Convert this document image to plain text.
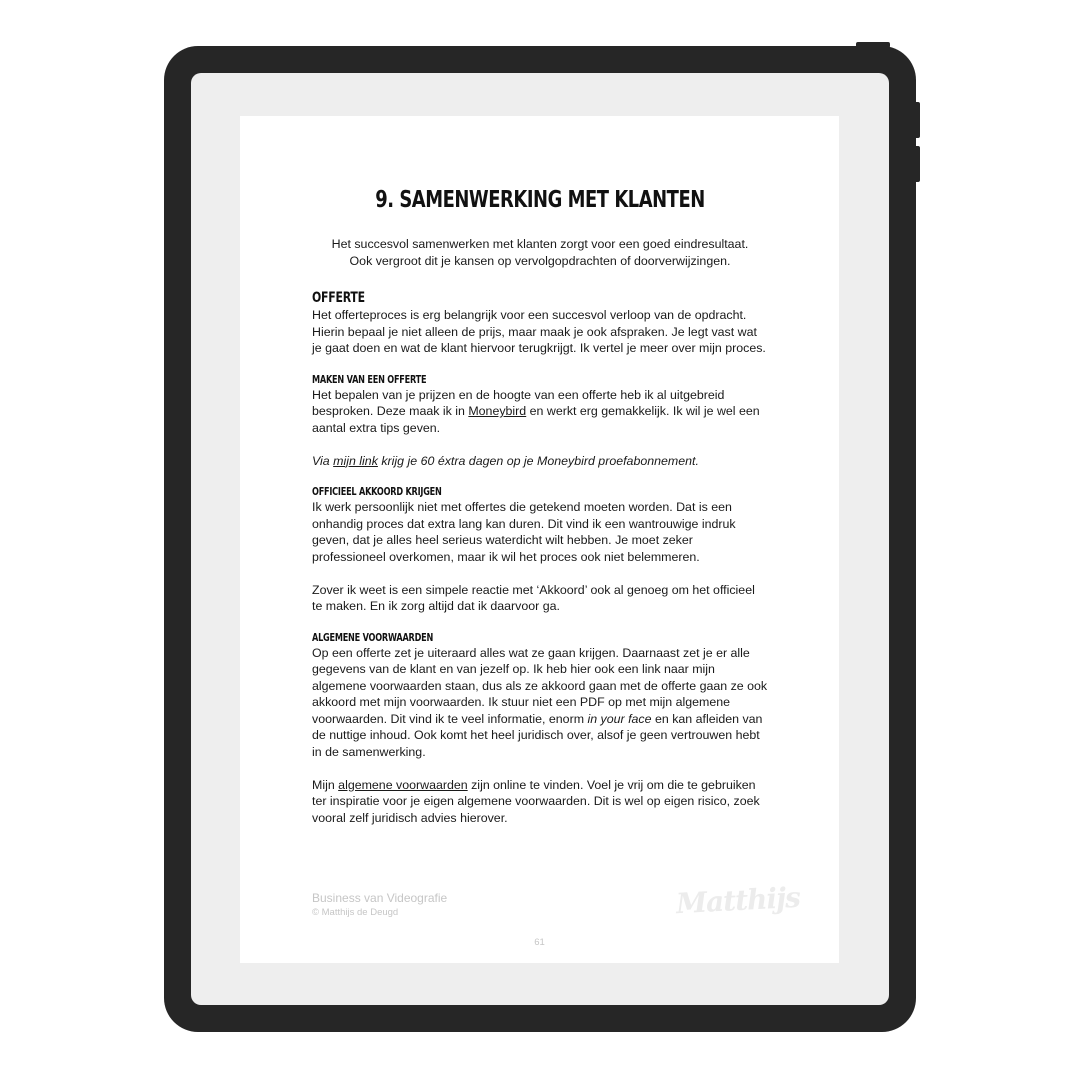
9. SAMENWERKING MET KLANTEN
Het succesvol samenwerken met klanten zorgt voor een goed eindresultaat.
Ook vergroot dit je kansen op vervolgopdrachten of doorverwijzingen.
OFFERTE

Het offerteproces is erg belangrijk voor een succesvol verloop van de opdracht. Hierin bepaal je niet alleen de prijs, maar maak je ook afspraken. Je legt vast wat je gaat doen en wat de klant hiervoor terugkrijgt. Ik vertel je meer over mijn proces.

MAKEN VAN EEN OFFERTE

Het bepalen van je prijzen en de hoogte van een offerte heb ik al uitgebreid besproken. Deze maak ik in Moneybird en werkt erg gemakkelijk. Ik wil je wel een aantal extra tips geven.

Via mijn link krijg je 60 éxtra dagen op je Moneybird proefabonnement.

OFFICIEEL AKKOORD KRIJGEN

Ik werk persoonlijk niet met offertes die getekend moeten worden. Dat is een onhandig proces dat extra lang kan duren. Dit vind ik een wantrouwige indruk geven, dat je alles heel serieus waterdicht wilt hebben. Je moet zeker professioneel overkomen, maar ik wil het proces ook niet belemmeren.

Zover ik weet is een simpele reactie met ‘Akkoord’ ook al genoeg om het officieel te maken. En ik zorg altijd dat ik daarvoor ga.

ALGEMENE VOORWAARDEN

Op een offerte zet je uiteraard alles wat ze gaan krijgen. Daarnaast zet je er alle gegevens van de klant en van jezelf op. Ik heb hier ook een link naar mijn algemene voorwaarden staan, dus als ze akkoord gaan met de offerte gaan ze ook akkoord met mijn voorwaarden. Ik stuur niet een PDF op met mijn algemene voorwaarden. Dit vind ik te veel informatie, enorm in your face en kan afleiden van de nuttige inhoud. Ook komt het heel juridisch over, alsof je geen vertrouwen hebt in de samenwerking.

Mijn algemene voorwaarden zijn online te vinden. Voel je vrij om die te gebruiken ter inspiratie voor je eigen algemene voorwaarden. Dit is wel op eigen risico, zoek vooral zelf juridisch advies hierover.

Business van Videografie
© Matthijs de Deugd	Matthijs
61
